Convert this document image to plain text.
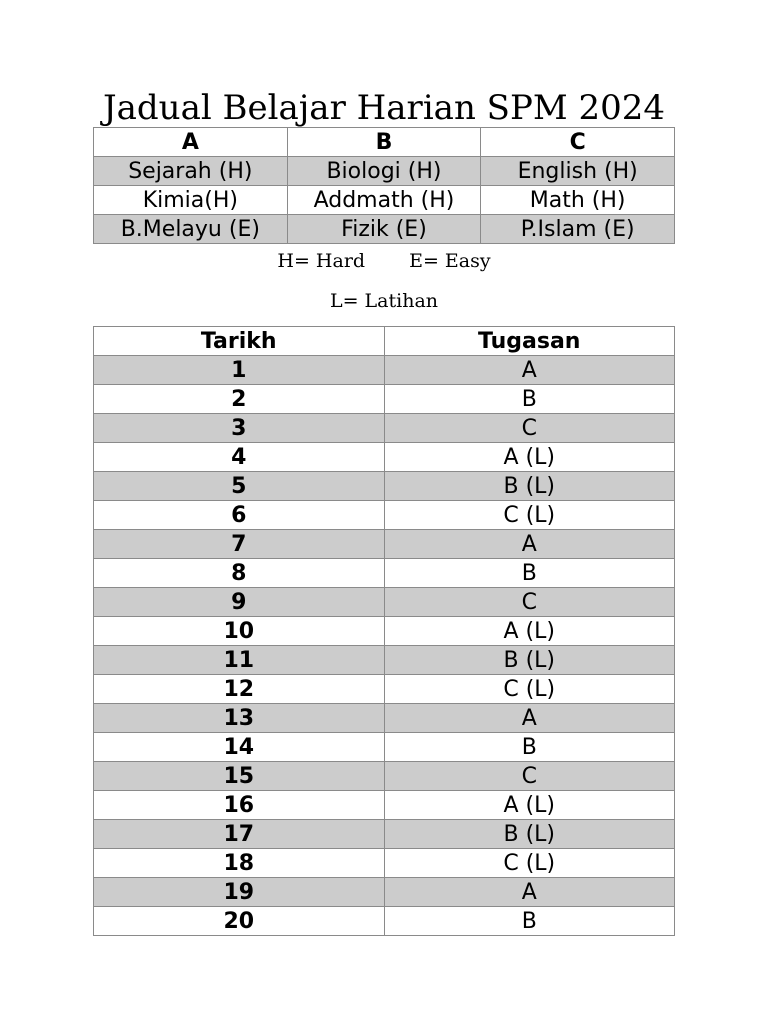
Jadual Belajar Harian SPM 2024
A	B	C
Sejarah (H)	Biologi (H)	English (H)
Kimia(H)	Addmath (H)	Math (H)
B.Melayu (E)	Fizik (E)	P.Islam (E)
H= Hard E= Easy
L= Latihan
Tarikh	Tugasan
1	A
2	B
3	C
4	A (L)
5	B (L)
6	C (L)
7	A
8	B
9	C
10	A (L)
11	B (L)
12	C (L)
13	A
14	B
15	C
16	A (L)
17	B (L)
18	C (L)
19	A
20	B
